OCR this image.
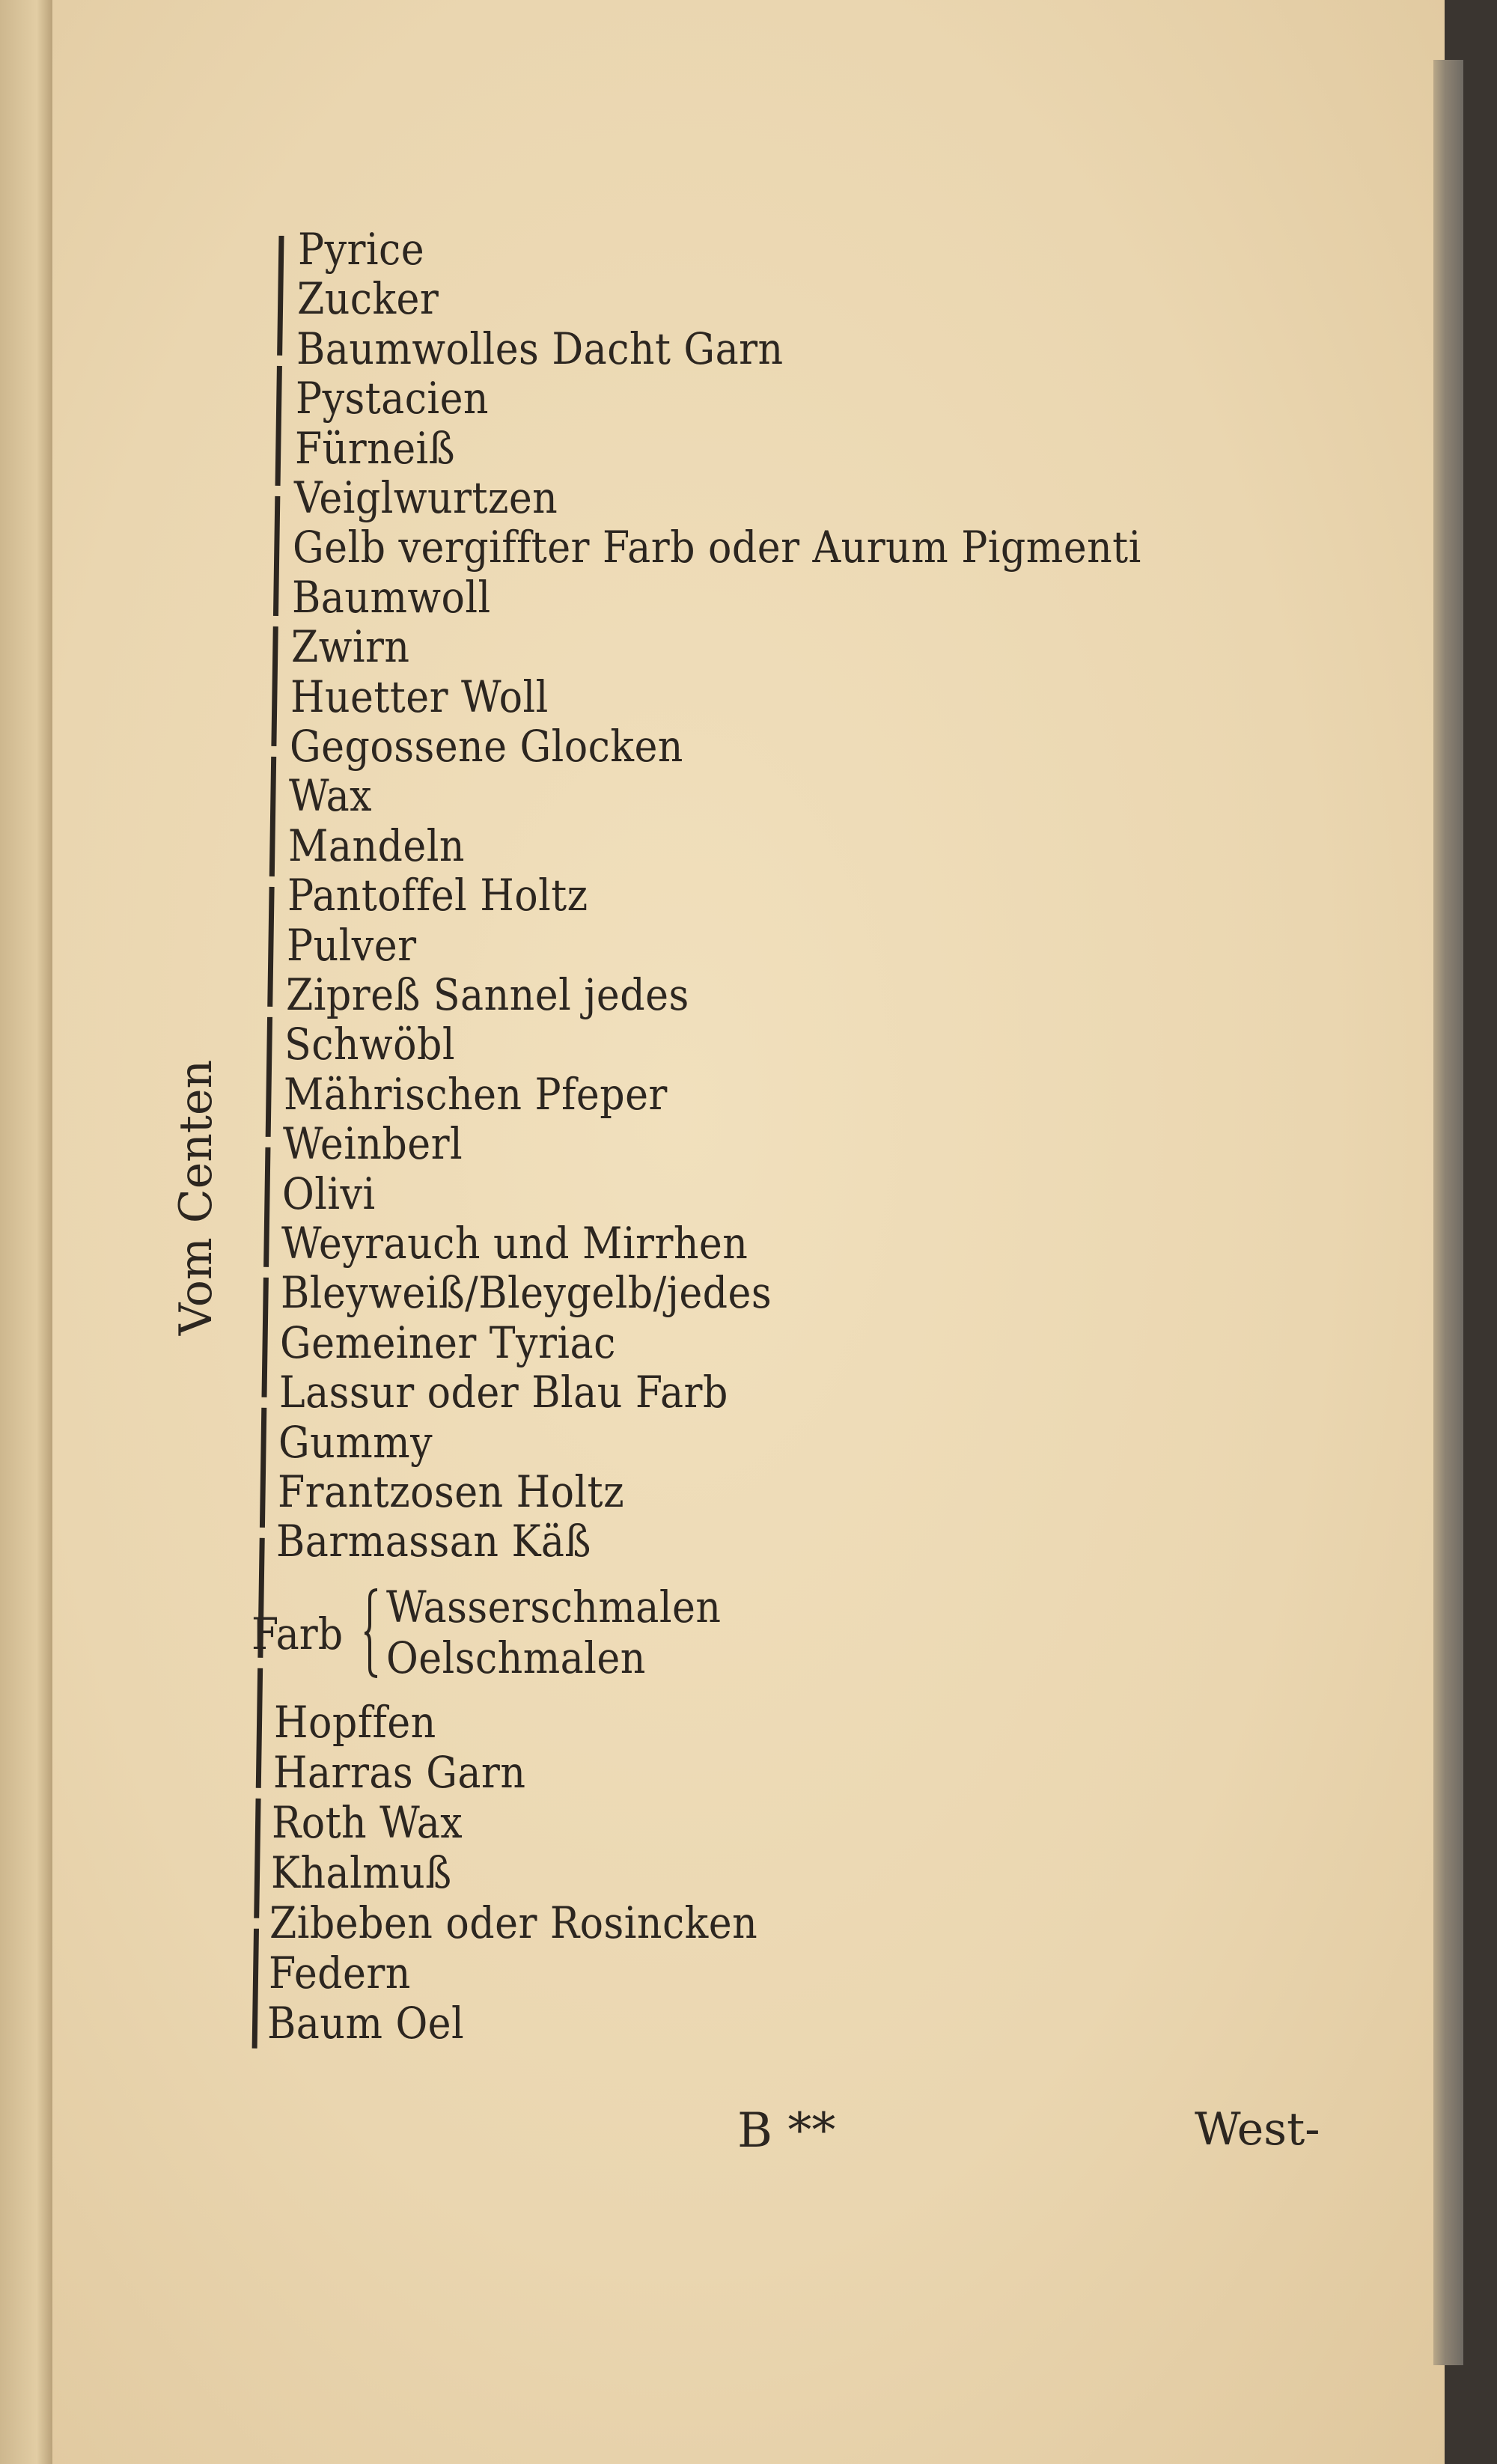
Vom Centen
Pyrice
Zucker
Baumwolles Dacht Garn
Pystacien
Fürneiß
Veiglwurtzen
Gelb vergiffter Farb oder Aurum Pigmenti
Baumwoll
Zwirn
Huetter Woll
Gegossene Glocken
Wax
Mandeln
Pantoffel Holtz
Pulver
Zipreß Sannel jedes
Schwöbl
Mährischen Pfeper
Weinberl
Olivi
Weyrauch und Mirrhen
Bleyweiß/Bleygelb/jedes
Gemeiner Tyriac
Lassur oder Blau Farb
Gummy
Frantzosen Holtz
Barmassan Käß
Farb
Wasserschmalen
Oelschmalen
Hopffen
Harras Garn
Roth Wax
Khalmuß
Zibeben oder Rosincken
Federn
Baum Oel
B **	West-
